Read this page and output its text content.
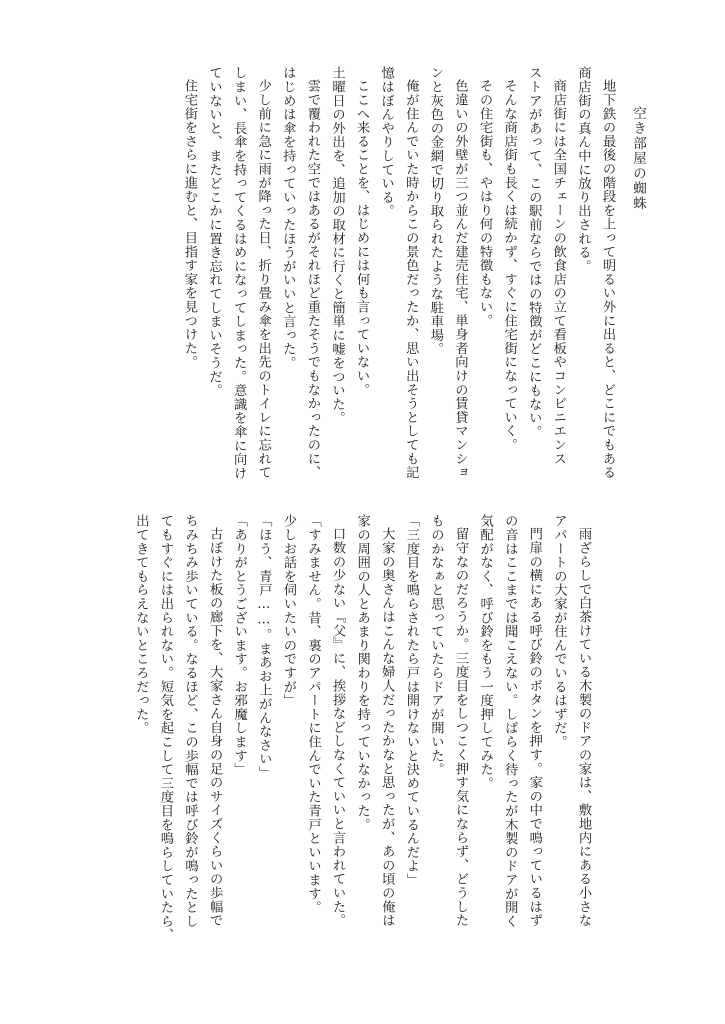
空き部屋の蜘蛛
地下鉄の最後の階段を上って明るい外に出ると、どこにでもある
商店街の真ん中に放り出される。
商店街には全国チェーンの飲食店の立て看板やコンビニエンス
ストアがあって、この駅前ならではの特徴がどこにもない。
そんな商店街も長くは続かず、すぐに住宅街になっていく。
その住宅街も、やはり何の特徴もない。
色違いの外壁が三つ並んだ建売住宅、単身者向けの賃貸マンショ
ンと灰色の金網で切り取られたような駐車場。
俺が住んでいた時からこの景色だったか、思い出そうとしても記
憶はぼんやりしている。
ここへ来ることを、はじめには何も言っていない。
土曜日の外出を、追加の取材に行くと簡単に嘘をついた。
雲で覆われた空ではあるがそれほど重たそうでもなかったのに、
はじめは傘を持っていったほうがいいと言った。
少し前に急に雨が降った日、折り畳み傘を出先のトイレに忘れて
しまい、長傘を持ってくるはめになってしまった。意識を傘に向け
ていないと、またどこかに置き忘れてしまいそうだ。
住宅街をさらに進むと、目指す家を見つけた。
雨ざらしで白茶けている木製のドアの家は、敷地内にある小さな
アパートの大家が住んでいるはずだ。
門扉の横にある呼び鈴のボタンを押す。家の中で鳴っているはず
の音はここまでは聞こえない。しばらく待ったが木製のドアが開く
気配がなく、呼び鈴をもう一度押してみた。
留守なのだろうか。三度目をしつこく押す気にならず、どうした
ものかなぁと思っていたらドアが開いた。
「三度目を鳴らされたら戸は開けないと決めているんだよ」
大家の奥さんはこんな婦人だったかなと思ったが、あの頃の俺は
家の周囲の人とあまり関わりを持っていなかった。
口数の少ない『父』に、挨拶などしなくていいと言われていた。
「すみません。昔、裏のアパートに住んでいた青戸といいます。
少しお話を伺いたいのですが」
「ほう、青戸……。まあお上がんなさい」
「ありがとうございます。お邪魔します」
古ぼけた板の廊下を、大家さん自身の足のサイズくらいの歩幅で
ちみちみ歩いている。なるほど、この歩幅では呼び鈴が鳴ったとし
てもすぐには出られない。短気を起こして三度目を鳴らしていたら、
出てきてもらえないところだった。
